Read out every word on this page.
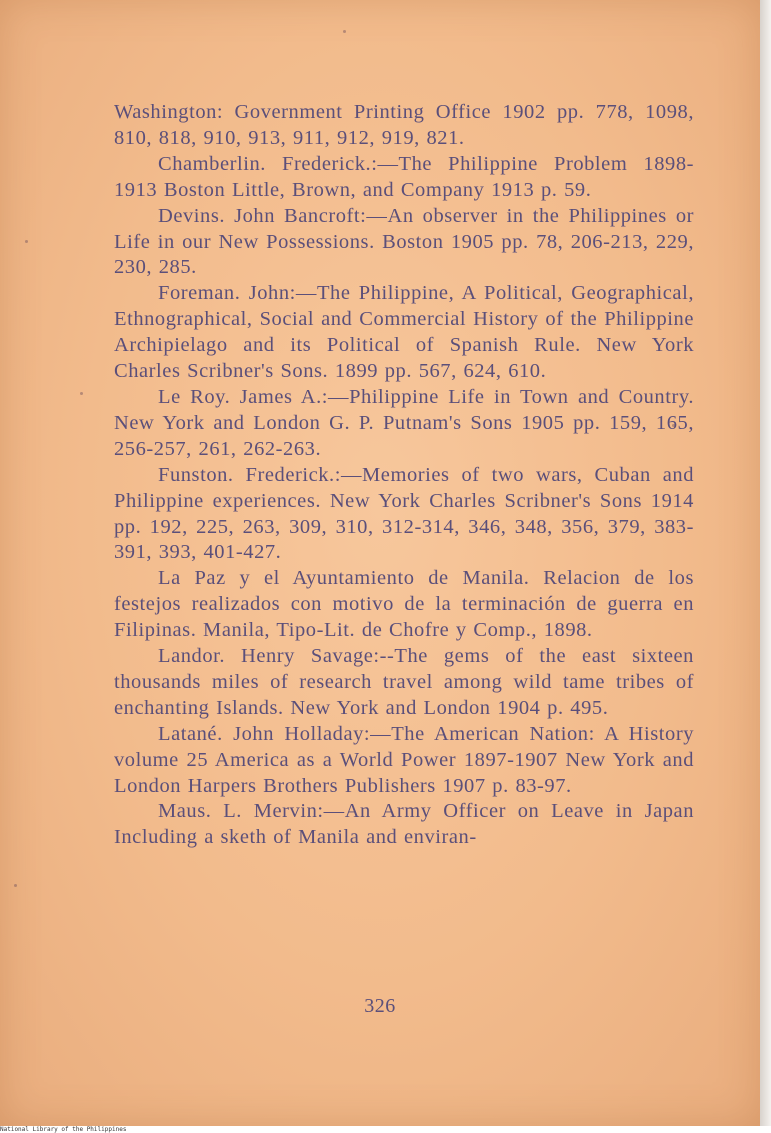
Washington: Government Printing Office 1902 pp. 778, 1098, 810, 818, 910, 913, 911, 912, 919, 821.

Chamberlin. Frederick.:—The Philippine Problem 1898-1913 Boston Little, Brown, and Company 1913 p. 59.

Devins. John Bancroft:—An observer in the Philippines or Life in our New Possessions. Boston 1905 pp. 78, 206-213, 229, 230, 285.

Foreman. John:—The Philippine, A Political, Geographical, Ethnographical, Social and Commercial History of the Philippine Archipielago and its Political of Spanish Rule. New York Charles Scribner's Sons. 1899 pp. 567, 624, 610.

Le Roy. James A.:—Philippine Life in Town and Country. New York and London G. P. Putnam's Sons 1905 pp. 159, 165, 256-257, 261, 262-263.

Funston. Frederick.:—Memories of two wars, Cuban and Philippine experiences. New York Charles Scribner's Sons 1914 pp. 192, 225, 263, 309, 310, 312-314, 346, 348, 356, 379, 383-391, 393, 401-427.

La Paz y el Ayuntamiento de Manila. Relacion de los festejos realizados con motivo de la terminación de guerra en Filipinas. Manila, Tipo-Lit. de Chofre y Comp., 1898.

Landor. Henry Savage:--The gems of the east sixteen thousands miles of research travel among wild tame tribes of enchanting Islands. New York and London 1904 p. 495.

Latané. John Holladay:—The American Nation: A History volume 25 America as a World Power 1897-1907 New York and London Harpers Brothers Publishers 1907 p. 83-97.

Maus. L. Mervin:—An Army Officer on Leave in Japan Including a sketh of Manila and enviran-

326
National Library of the Philippines
